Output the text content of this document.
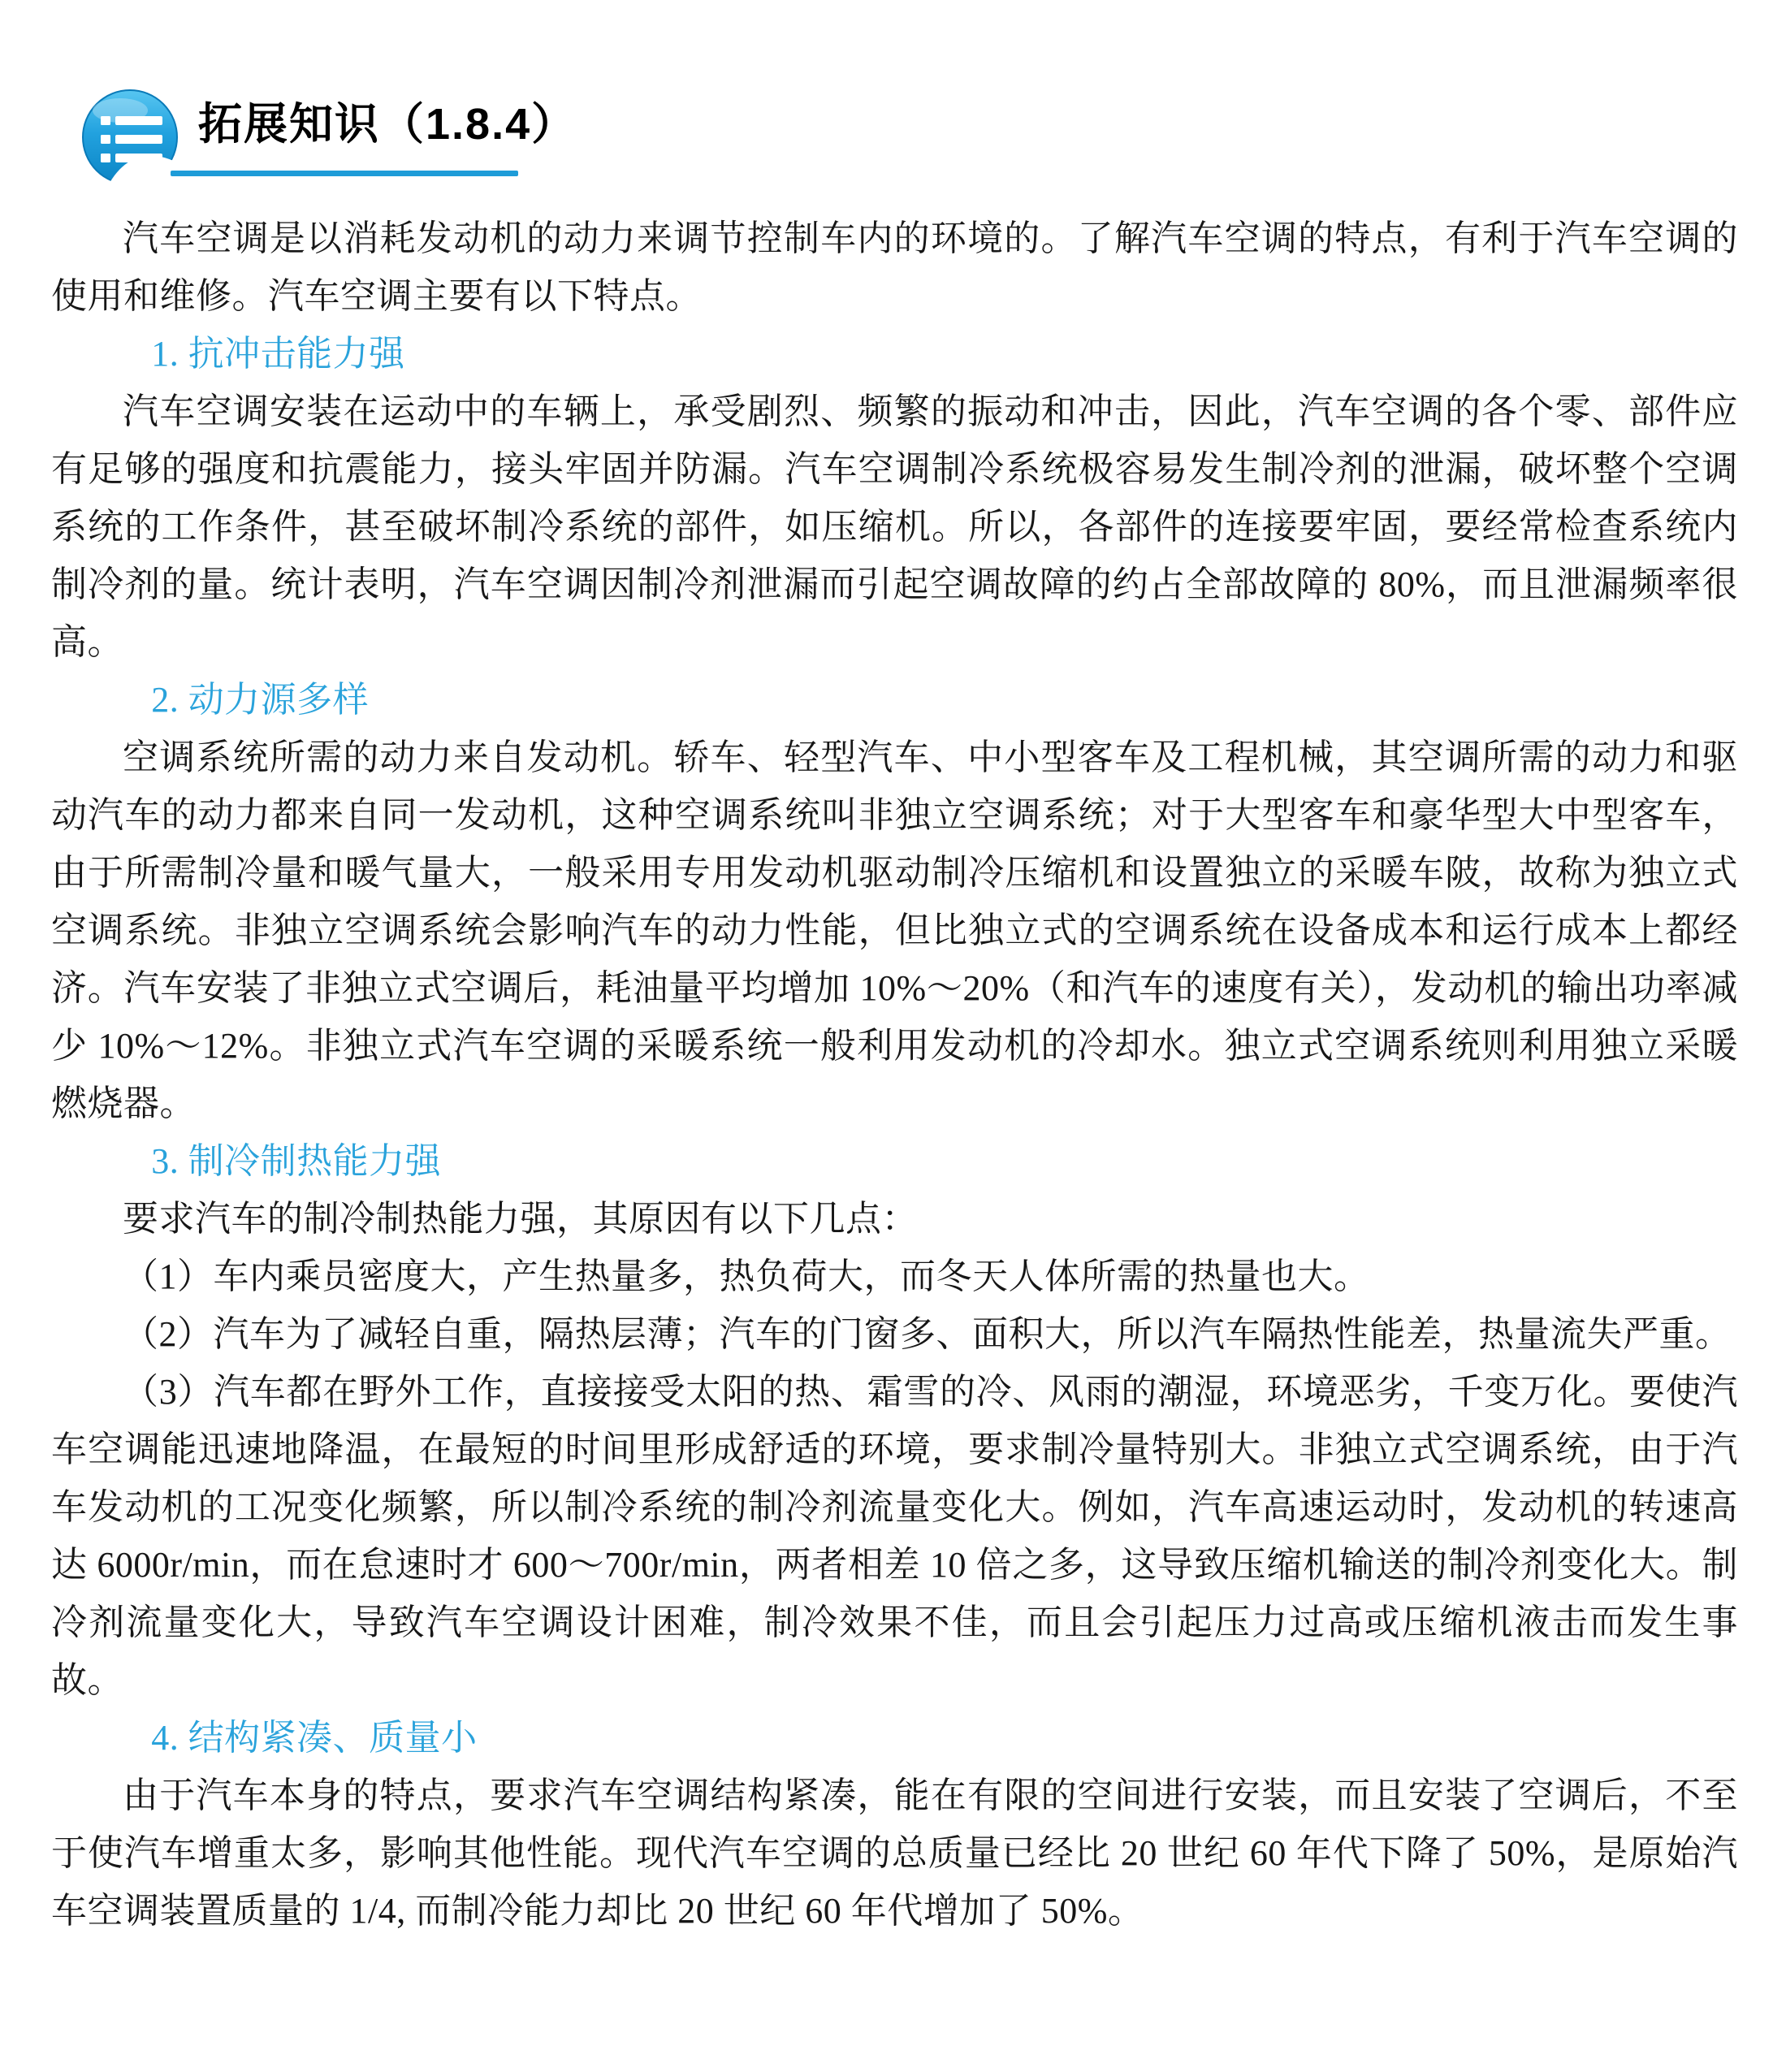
拓展知识（1.8.4）

汽车空调是以消耗发动机的动力来调节控制车内的环境的。了解汽车空调的特点，有利于汽车空调的使用和维修。汽车空调主要有以下特点。

1. 抗冲击能力强

汽车空调安装在运动中的车辆上，承受剧烈、频繁的振动和冲击，因此，汽车空调的各个零、部件应有足够的强度和抗震能力，接头牢固并防漏。汽车空调制冷系统极容易发生制冷剂的泄漏，破坏整个空调系统的工作条件，甚至破坏制冷系统的部件，如压缩机。所以，各部件的连接要牢固，要经常检查系统内制冷剂的量。统计表明，汽车空调因制冷剂泄漏而引起空调故障的约占全部故障的 80%，而且泄漏频率很高。

2. 动力源多样

空调系统所需的动力来自发动机。轿车、轻型汽车、中小型客车及工程机械，其空调所需的动力和驱动汽车的动力都来自同一发动机，这种空调系统叫非独立空调系统；对于大型客车和豪华型大中型客车，由于所需制冷量和暖气量大，一般采用专用发动机驱动制冷压缩机和设置独立的采暖车陂，故称为独立式空调系统。非独立空调系统会影响汽车的动力性能，但比独立式的空调系统在设备成本和运行成本上都经济。汽车安装了非独立式空调后，耗油量平均增加 10%～20%（和汽车的速度有关），发动机的输出功率减少 10%～12%。非独立式汽车空调的采暖系统一般利用发动机的冷却水。独立式空调系统则利用独立采暖燃烧器。

3. 制冷制热能力强

要求汽车的制冷制热能力强，其原因有以下几点：

（1）车内乘员密度大，产生热量多，热负荷大，而冬天人体所需的热量也大。

（2）汽车为了减轻自重，隔热层薄；汽车的门窗多、面积大，所以汽车隔热性能差，热量流失严重。

（3）汽车都在野外工作，直接接受太阳的热、霜雪的冷、风雨的潮湿，环境恶劣，千变万化。要使汽车空调能迅速地降温，在最短的时间里形成舒适的环境，要求制冷量特别大。非独立式空调系统，由于汽车发动机的工况变化频繁，所以制冷系统的制冷剂流量变化大。例如，汽车高速运动时，发动机的转速高达 6000r/min，而在怠速时才 600～700r/min，两者相差 10 倍之多，这导致压缩机输送的制冷剂变化大。制冷剂流量变化大，导致汽车空调设计困难，制冷效果不佳，而且会引起压力过高或压缩机液击而发生事故。

4. 结构紧凑、质量小

由于汽车本身的特点，要求汽车空调结构紧凑，能在有限的空间进行安装，而且安装了空调后，不至于使汽车增重太多，影响其他性能。现代汽车空调的总质量已经比 20 世纪 60 年代下降了 50%，是原始汽车空调装置质量的 1/4, 而制冷能力却比 20 世纪 60 年代增加了 50%。
